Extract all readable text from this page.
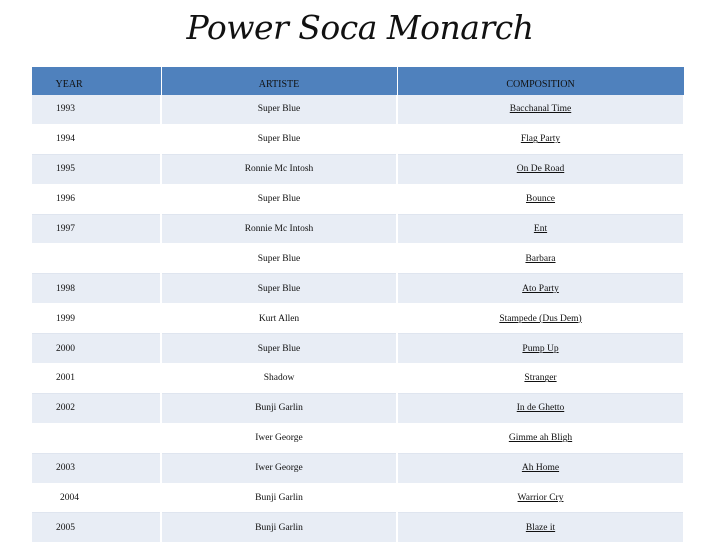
Power Soca Monarch
YEAR	ARTISTE	COMPOSITION
1993	Super Blue	Bacchanal Time
1994	Super Blue	Flag Party
1995	Ronnie Mc Intosh	On De Road
1996	Super Blue	Bounce
1997	Ronnie Mc Intosh	Ent
	Super Blue	Barbara
1998	Super Blue	Ato Party
1999	Kurt Allen	Stampede (Dus Dem)
2000	Super Blue	Pump Up
2001	Shadow	Stranger
2002	Bunji Garlin	In de Ghetto
	Iwer George	Gimme ah Bligh
2003	Iwer George	Ah Home
2004	Bunji Garlin	Warrior Cry
2005	Bunji Garlin	Blaze it
